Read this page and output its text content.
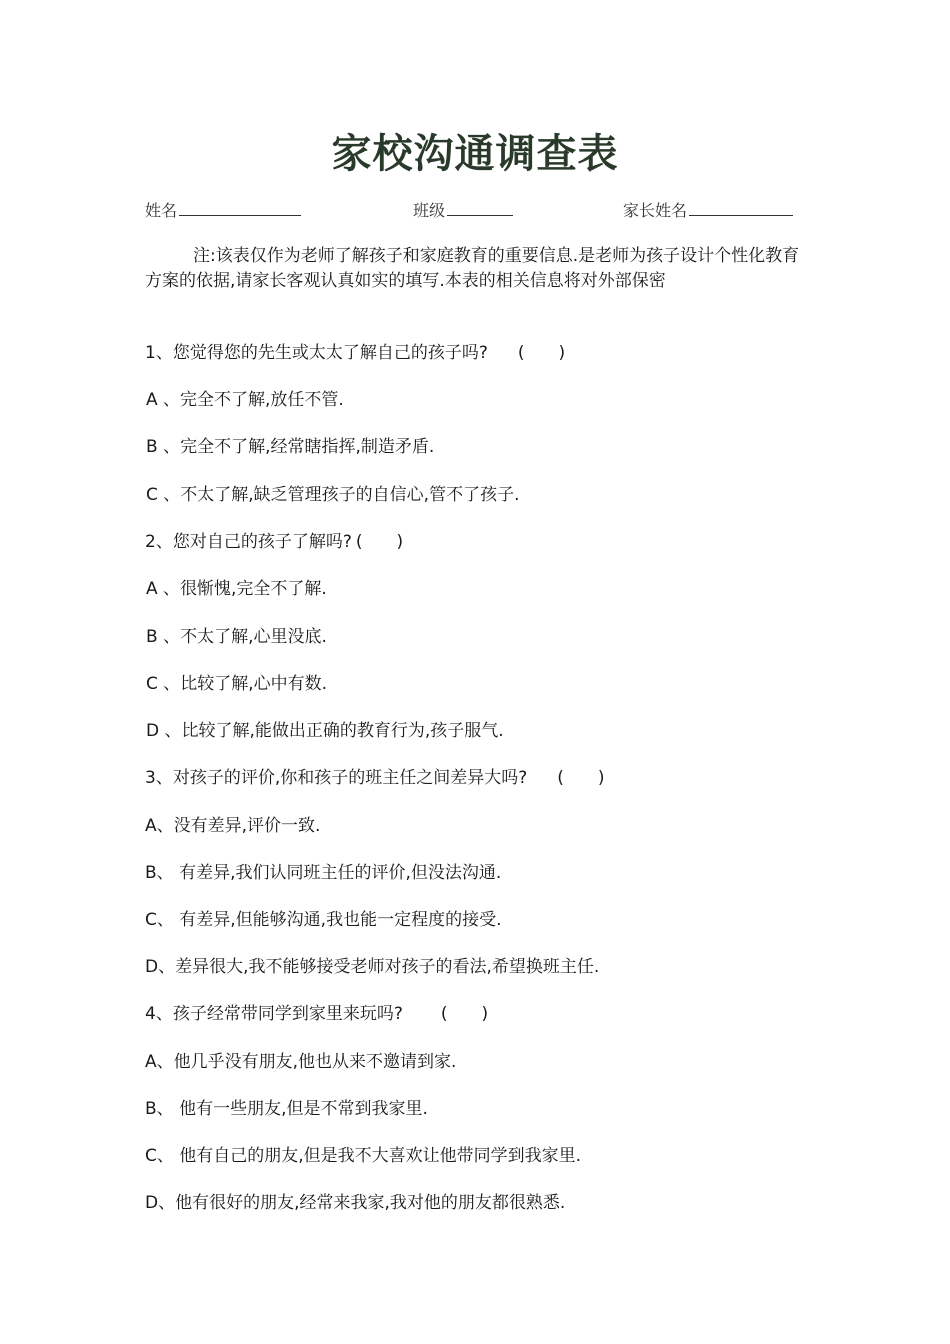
家校沟通调查表
姓名	班级	家长姓名
注:该表仅作为老师了解孩子和家庭教育的重要信息.是老师为孩子设计个性化教育方案的依据,请家长客观认真如实的填写.本表的相关信息将对外部保密
1、您觉得您的先生或太太了解自己的孩子吗? (　　)
A 、完全不了解,放任不管.
B 、完全不了解,经常瞎指挥,制造矛盾.
C 、不太了解,缺乏管理孩子的自信心,管不了孩子.
2、您对自己的孩子了解吗? (　　)
A 、很惭愧,完全不了解.
B 、不太了解,心里没底.
C 、比较了解,心中有数.
D 、比较了解,能做出正确的教育行为,孩子服气.
3、对孩子的评价,你和孩子的班主任之间差异大吗? (　　)
A、没有差异,评价一致.
B、 有差异,我们认同班主任的评价,但没法沟通.
C、 有差异,但能够沟通,我也能一定程度的接受.
D、差异很大,我不能够接受老师对孩子的看法,希望换班主任.
4、孩子经常带同学到家里来玩吗? (　　)
A、他几乎没有朋友,他也从来不邀请到家.
B、 他有一些朋友,但是不常到我家里.
C、 他有自己的朋友,但是我不大喜欢让他带同学到我家里.
D、他有很好的朋友,经常来我家,我对他的朋友都很熟悉.
